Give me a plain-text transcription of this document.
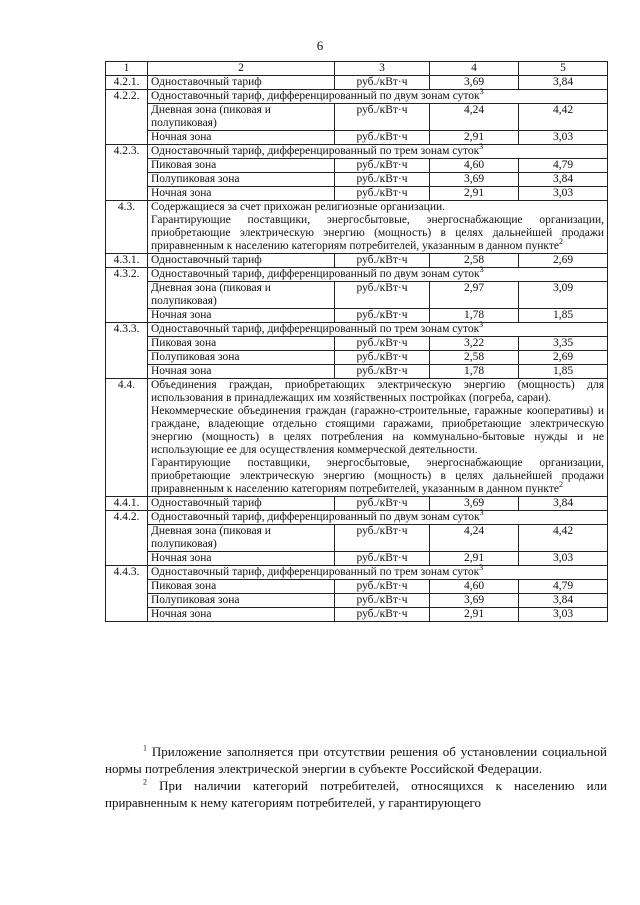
6
1	2	3	4	5
4.2.1.	Одноставочный тариф	руб./кВт·ч	3,69	3,84
4.2.2.	Одноставочный тариф, дифференцированный по двум зонам суток$^3$
	Дневная зона (пиковая и полупиковая)	руб./кВт·ч	4,24	4,42
	Ночная зона	руб./кВт·ч	2,91	3,03
4.2.3.	Одноставочный тариф, дифференцированный по трем зонам суток$^3$
	Пиковая зона	руб./кВт·ч	4,60	4,79
	Полупиковая зона	руб./кВт·ч	3,69	3,84
	Ночная зона	руб./кВт·ч	2,91	3,03
4.3.	Содержащиеся за счет прихожан религиозные организации.
Гарантирующие поставщики, энергосбытовые, энергоснабжающие организации, приобретающие электрическую энергию (мощность) в целях дальнейшей продажи приравненным к населению категориям потребителей, указанным в данном пункте$^2$

4.3.1.	Одноставочный тариф	руб./кВт·ч	2,58	2,69
4.3.2.	Одноставочный тариф, дифференцированный по двум зонам суток$^3$
	Дневная зона (пиковая и полупиковая)	руб./кВт·ч	2,97	3,09
	Ночная зона	руб./кВт·ч	1,78	1,85
4.3.3.	Одноставочный тариф, дифференцированный по трем зонам суток$^3$
	Пиковая зона	руб./кВт·ч	3,22	3,35
	Полупиковая зона	руб./кВт·ч	2,58	2,69
	Ночная зона	руб./кВт·ч	1,78	1,85
4.4.	Объединения граждан, приобретающих электрическую энергию (мощность) для использования в принадлежащих им хозяйственных постройках (погреба, сараи).
Некоммерческие объединения граждан (гаражно-строительные, гаражные кооперативы) и граждане, владеющие отдельно стоящими гаражами, приобретающие электрическую энергию (мощность) в целях потребления на коммунально-бытовые нужды и не использующие ее для осуществления коммерческой деятельности.
Гарантирующие поставщики, энергосбытовые, энергоснабжающие организации, приобретающие электрическую энергию (мощность) в целях дальнейшей продажи приравненным к населению категориям потребителей, указанным в данном пункте$^2$

4.4.1.	Одноставочный тариф	руб./кВт·ч	3,69	3,84
4.4.2.	Одноставочный тариф, дифференцированный по двум зонам суток$^3$
	Дневная зона (пиковая и полупиковая)	руб./кВт·ч	4,24	4,42
	Ночная зона	руб./кВт·ч	2,91	3,03
4.4.3.	Одноставочный тариф, дифференцированный по трем зонам суток$^3$
	Пиковая зона	руб./кВт·ч	4,60	4,79
	Полупиковая зона	руб./кВт·ч	3,69	3,84
	Ночная зона	руб./кВт·ч	2,91	3,03

$^1$ Приложение заполняется при отсутствии решения об установлении социальной нормы потребления электрической энергии в субъекте Российской Федерации.

$^2$ При наличии категорий потребителей, относящихся к населению или приравненным к нему категориям потребителей, у гарантирующего
